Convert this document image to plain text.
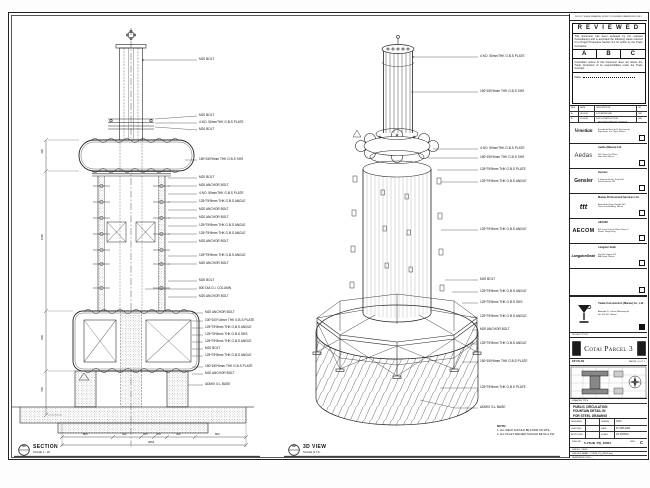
M20 BOLT
M20 BOLT
4 NO. 50mmTHK G.B.S PLATE
M20 BOLT
150*150*6mm THK G.B.S SHS
M20 BOLT
M20 ANCHOR BOLT
4 NO. 50mmTHK G.B.S PLATE
125*75*8mm THK G.B.S ANGLE
M20 ANCHOR BOLT
M20 ANCHOR BOLT
125*75*8mm THK G.B.S ANGLE
125*75*8mm THK G.B.S ANGLE
M20 ANCHOR BOLT
125*75*8mm THK G.B.S ANGLE
M20 ANCHOR BOLT
M20 BOLT
800 DIA G.I. COLUMN
M20 ANCHOR BOLT
M20 ANCHOR BOLT
100*100*10mm THK G.B.S PLATE
125*75*8mm THK G.B.S ANGLE
125*75*8mm THK G.B.S SHS
125*75*8mm THK G.B.S ANGLE
M20 BOLT
125*75*8mm THK G.B.S ANGLE
150*150*6mm THK G.B.S PLATE
M20 ANCHOR BOLT
ADMIX G.L BASE
300
1500
800
500
800	432	200	200	432	800
2864
4 NO. 50mmTHK G.B.S PLATE
150*150*6mm THK G.B.S SHS
4 NO. 50mmTHK G.B.S PLATE
150*150*6mm THK G.B.S SHS
125*75*8mm THK G.B.S PLATE
125*75*8mm THK G.B.S ANGLE
125*75*8mm THK G.B.S ANGLE
M20 BOLT
125*75*8mm THK G.B.S ANGLE
125*75*8mm THK G.B.S SHS
125*75*8mm THK G.B.S ANGLE
M20 ANCHOR BOLT
125*75*8mm THK G.B.S ANGLE
150*150*6mm THK G.B.S PLATE
125*75*8mm THK G.B.S PLATE
ADMIX G.L BASE
NOTE:
1. ALL WELD SHOULD BE FORM ON SITE.
2. ALL FILLET WELDED SHOULD BE 6mm FW.
01	SECTION
SCALE 1 : 20
02	3D VIEW
SCALE N.T.S.
DO NOT SCALE DRAWING. WORK TO FIGURED DIMENSIONS ONLY.
R E V I E W E D
This document has been reviewed by the relevant Consultant(s) and is accorded the following status referred to in Project Procedure Section 5.4 for action by the Trade Contractor.
A	B	C
Consultant review of this document does not relieve the Trade Contractor of its responsibilities under the Trade Contract.
Date :
REV	DATE	DESCRIPTION	BY
A	05.03.08	FOR APPROVAL	WH
B	07.04.08	FOR CONSTRUCTION	WH
Venetian
Venetian Orient Limited
Estrada da Baía de N. Senhora da
Esperança, s/n, Taipa, Macau
Aedas
Aedas (Macau) Ltd.
5/F China Civil Plaza
Nam Van, Macau
Gensler
Gensler
2 Harrison Street, Suite 400
San Francisco CA
ttt
Macau Professional Services Ltd.
Avenida da Praia Grande 409
China Law Building, Macau
AECOM
AECOM
8/F Grand Central Plaza Tower 2
Shatin, Hong Kong
LangdonSeah
Langdon Seah
Rua do Campo 202
AIA Tower, Macau
Yadea Construction (Macau) Co., Ltd.
Alameda Dr. Carlos d'Assumpção
No. 411-417, Macau
PROJECT TITLE
Cotai Parcel 3
KEY PLAN	PARCEL 3, LOT 2
DRAWING TITLE
PUBLIC CIRCULATION
FOUNTAIN DETAIL IN
FOR STEEL DRAWING
DESIGNED	-	DRAWN	CWC
CHECKED	-	DATE	07-APR-2008
APPROVED	-	SCALE	AS SHOWN
DWG NO : 5-YSUB_PQ_46001	REV C
JOB NO : 31049
CAD FILE NAME : 5-YSUB_PQ_46001.dwg
REFERENCE DWG : -
